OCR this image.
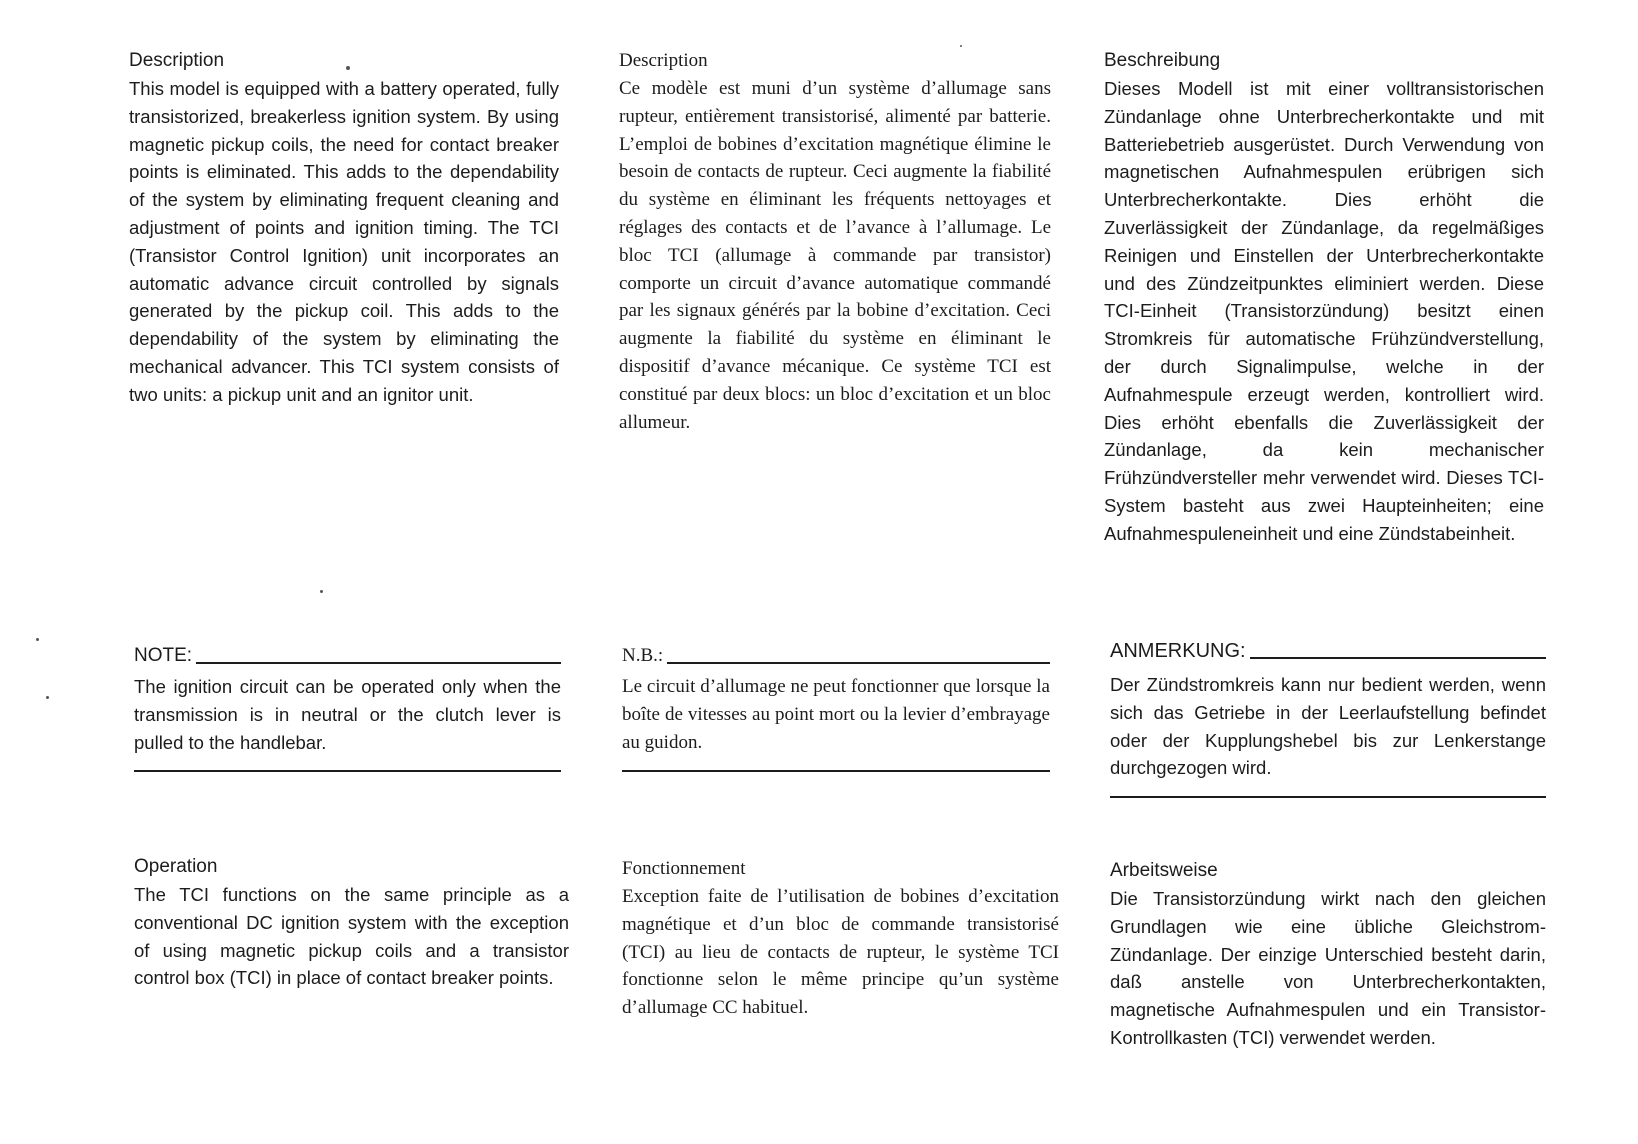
Description
This model is equipped with a battery operated, fully transistorized, breakerless ignition system. By using magnetic pickup coils, the need for contact breaker points is eliminated. This adds to the dependability of the system by eliminating frequent cleaning and adjustment of points and ignition timing. The TCI (Transistor Control Ignition) unit incorporates an automatic advance circuit controlled by signals generated by the pickup coil. This adds to the dependability of the system by eliminating the mechanical advancer. This TCI system consists of two units: a pickup unit and an ignitor unit.
Description
Ce modèle est muni d’un système d’allumage sans rupteur, entièrement transistorisé, alimenté par batterie. L’emploi de bobines d’excitation magnétique élimine le besoin de contacts de rupteur. Ceci augmente la fiabilité du système en éliminant les fréquents nettoyages et réglages des contacts et de l’avance à l’allumage. Le bloc TCI (allumage à commande par transistor) comporte un circuit d’avance automatique commandé par les signaux générés par la bobine d’excitation. Ceci augmente la fiabilité du système en éliminant le dispositif d’avance mécanique. Ce système TCI est constitué par deux blocs: un bloc d’excitation et un bloc allumeur.
Beschreibung
Dieses Modell ist mit einer volltransistorischen Zündanlage ohne Unterbrecherkontakte und mit Batteriebetrieb ausgerüstet. Durch Verwendung von magnetischen Aufnahmespulen erübrigen sich Unterbrecherkontakte. Dies erhöht die Zuverlässigkeit der Zündanlage, da regelmäßiges Reinigen und Einstellen der Unterbrecherkontakte und des Zündzeitpunktes eliminiert werden. Diese TCI-Einheit (Transistorzündung) besitzt einen Stromkreis für automatische Frühzündverstellung, der durch Signalimpulse, welche in der Aufnahmespule erzeugt werden, kontrolliert wird. Dies erhöht ebenfalls die Zuverlässigkeit der Zündanlage, da kein mechanischer Frühzündversteller mehr verwendet wird. Dieses TCI-System basteht aus zwei Haupteinheiten; eine Aufnahmespuleneinheit und eine Zündstabeinheit.
NOTE:
The ignition circuit can be operated only when the transmission is in neutral or the clutch lever is pulled to the handlebar.
N.B.:
Le circuit d’allumage ne peut fonctionner que lorsque la boîte de vitesses au point mort ou la levier d’embrayage au guidon.
ANMERKUNG:
Der Zündstromkreis kann nur bedient werden, wenn sich das Getriebe in der Leerlaufstellung befindet oder der Kupplungshebel bis zur Lenkerstange durchgezogen wird.
Operation
The TCI functions on the same principle as a conventional DC ignition system with the exception of using magnetic pickup coils and a transistor control box (TCI) in place of contact breaker points.
Fonctionnement
Exception faite de l’utilisation de bobines d’excitation magnétique et d’un bloc de commande transistorisé (TCI) au lieu de contacts de rupteur, le système TCI fonctionne selon le même principe qu’un système d’allumage CC habituel.
Arbeitsweise
Die Transistorzündung wirkt nach den gleichen Grundlagen wie eine übliche Gleichstrom-Zündanlage. Der einzige Unterschied besteht darin, daß anstelle von Unterbrecherkontakten, magnetische Aufnahmespulen und ein Transistor-Kontrollkasten (TCI) verwendet werden.
